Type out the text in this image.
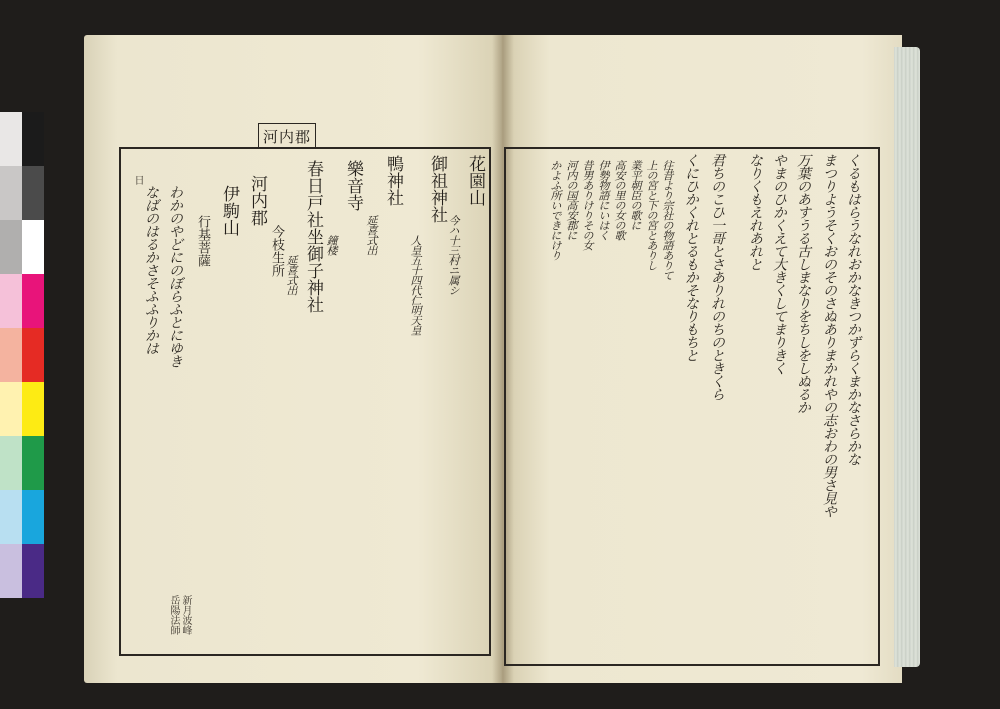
河内郡
日	花園山
今ハ十三村ニ属シ
御祖神社
人皇五十四代仁明天皇
鴨神社
延喜式出
樂音寺
鐘楼
春日戸社坐御子神社
延喜式出
今枝生所
河内郡
伊駒山
行基菩薩
わかのやどにのぼらふとにゆき
なばのはるかさそふふりかは
新月波峰
岳陽法師
くるもはらうなれおかなきつかずらくまかなさらかな
まつりようそくおのそのさぬありまかれやの志おわの男さ見や
万葉のあすうる古しまなりをちしをしぬるか
やまのひかくえて大きくしてまりきく
なりくもえれあれと
君ちのこひ一哥とさありれのちのときくら
くにひかくれとるもかそなりもちと
往昔より宗社の物語ありて
上の宮と下の宮とありし
業平朝臣の歌に
高安の里の女の歌
伊勢物語にいはく
昔男ありけりその女
河内の国高安郡に
かよふ所いできにけり
